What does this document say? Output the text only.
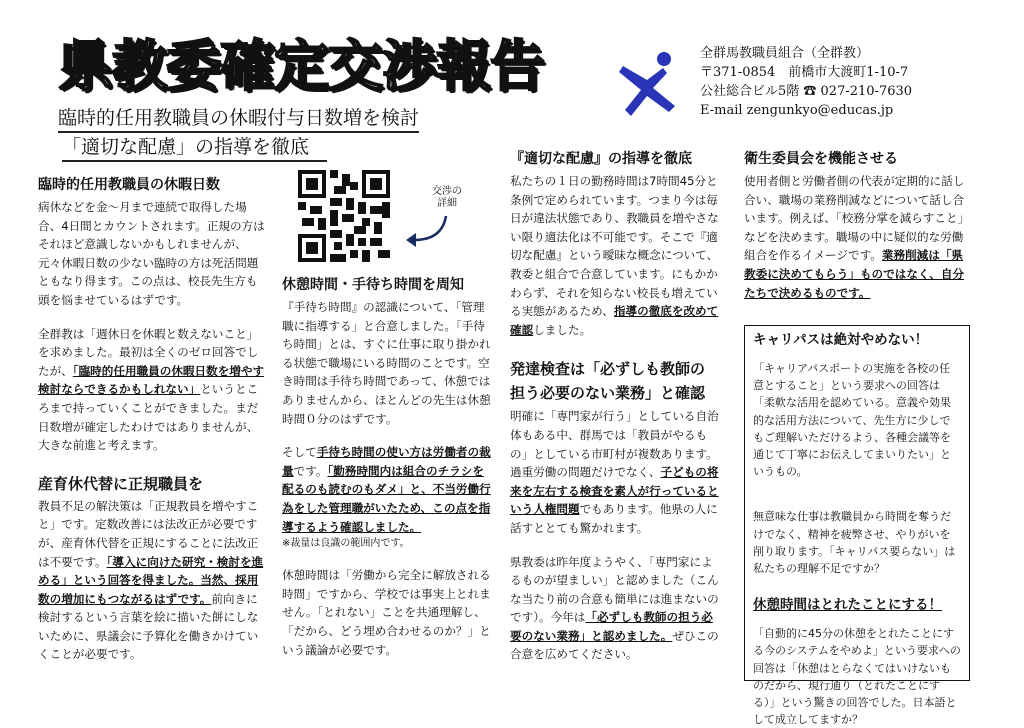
県教委確定交渉報告
臨時的任用教職員の休暇付与日数増を検討
「適切な配慮」の指導を徹底
全群馬教職員組合（全群教）
〒371-0854　前橋市大渡町1-10-7
公社総合ビル5階 ☎ 027-210-7630
E-mail zengunkyo@educas.jp
交渉の
詳細
臨時的任用教職員の休暇日数

病休などを金～月まで連続で取得した場合、4日間とカウントされます。正規の方はそれほど意識しないかもしれませんが、元々休暇日数の少ない臨時の方は死活問題ともなり得ます。この点は、校長先生方も頭を悩ませているはずです。

全群教は「週休日を休暇と数えないこと」を求めました。最初は全くのゼロ回答でしたが、「臨時的任用職員の休暇日数を増やす検討ならできるかもしれない」というところまで持っていくことができました。まだ日数増が確定したわけではありませんが、大きな前進と考えます。

産育休代替に正規職員を

教員不足の解決策は「正規教員を増やすこと」です。定数改善には法改正が必要ですが、産育休代替を正規にすることに法改正は不要です。「導入に向けた研究・検討を進める」という回答を得ました。当然、採用数の増加にもつながるはずです。前向きに検討するという言葉を絵に描いた餅にしないために、県議会に予算化を働きかけていくことが必要です。

休憩時間・手待ち時間を周知

『手待ち時間』の認識について、「管理職に指導する」と合意しました。「手待ち時間」とは、すぐに仕事に取り掛かれる状態で職場にいる時間のことです。空き時間は手待ち時間であって、休憩ではありませんから、ほとんどの先生は休憩時間０分のはずです。

そして手待ち時間の使い方は労働者の裁量です。「勤務時間内は組合のチラシを配るのも読むのもダメ」と、不当労働行為をした管理職がいたため、この点を指導するよう確認しました。

※裁量は良識の範囲内です。

休憩時間は「労働から完全に解放される時間」ですから、学校では事実上とれません。「とれない」ことを共通理解し、「だから、どう埋め合わせるのか？」という議論が必要です。

『適切な配慮』の指導を徹底

私たちの１日の勤務時間は7時間45分と条例で定められています。つまり今は毎日が違法状態であり、教職員を増やさない限り適法化は不可能です。そこで『適切な配慮』という曖昧な概念について、教委と組合で合意しています。にもかかわらず、それを知らない校長も増えている実態があるため、指導の徹底を改めて確認しました。

発達検査は「必ずしも教師の
担う必要のない業務」と確認

明確に「専門家が行う」としている自治体もある中、群馬では「教員がやるもの」としている市町村が複数あります。過重労働の問題だけでなく、子どもの将来を左右する検査を素人が行っているという人権問題でもあります。他県の人に話すととても驚かれます。

県教委は昨年度ようやく、「専門家によるものが望ましい」と認めました（こんな当たり前の合意も簡単には進まないのです）。今年は「必ずしも教師の担う必要のない業務」と認めました。ぜひこの合意を広めてください。

衛生委員会を機能させる

使用者側と労働者側の代表が定期的に話し合い、職場の業務削減などについて話し合います。例えば、「校務分掌を減らすこと」などを決めます。職場の中に疑似的な労働組合を作るイメージです。業務削減は「県教委に決めてもらう」ものではなく、自分たちで決めるものです。

キャリパスは絶対やめない！

「キャリアパスポートの実施を各校の任意とすること」という要求への回答は「柔軟な活用を認めている。意義や効果的な活用方法について、先生方に少しでもご理解いただけるよう、各種会議等を通じて丁寧にお伝えしてまいりたい」というもの。

無意味な仕事は教職員から時間を奪うだけでなく、精神を疲弊させ、やりがいを削り取ります。「キャリパス要らない」は私たちの理解不足ですか？

休憩時間はとれたことにする！

「自動的に45分の休憩をとれたことにする今のシステムをやめよ」という要求への回答は「休憩はとらなくてはいけないものだから、現行通り（とれたことにする）」という驚きの回答でした。日本語として成立してますか？
